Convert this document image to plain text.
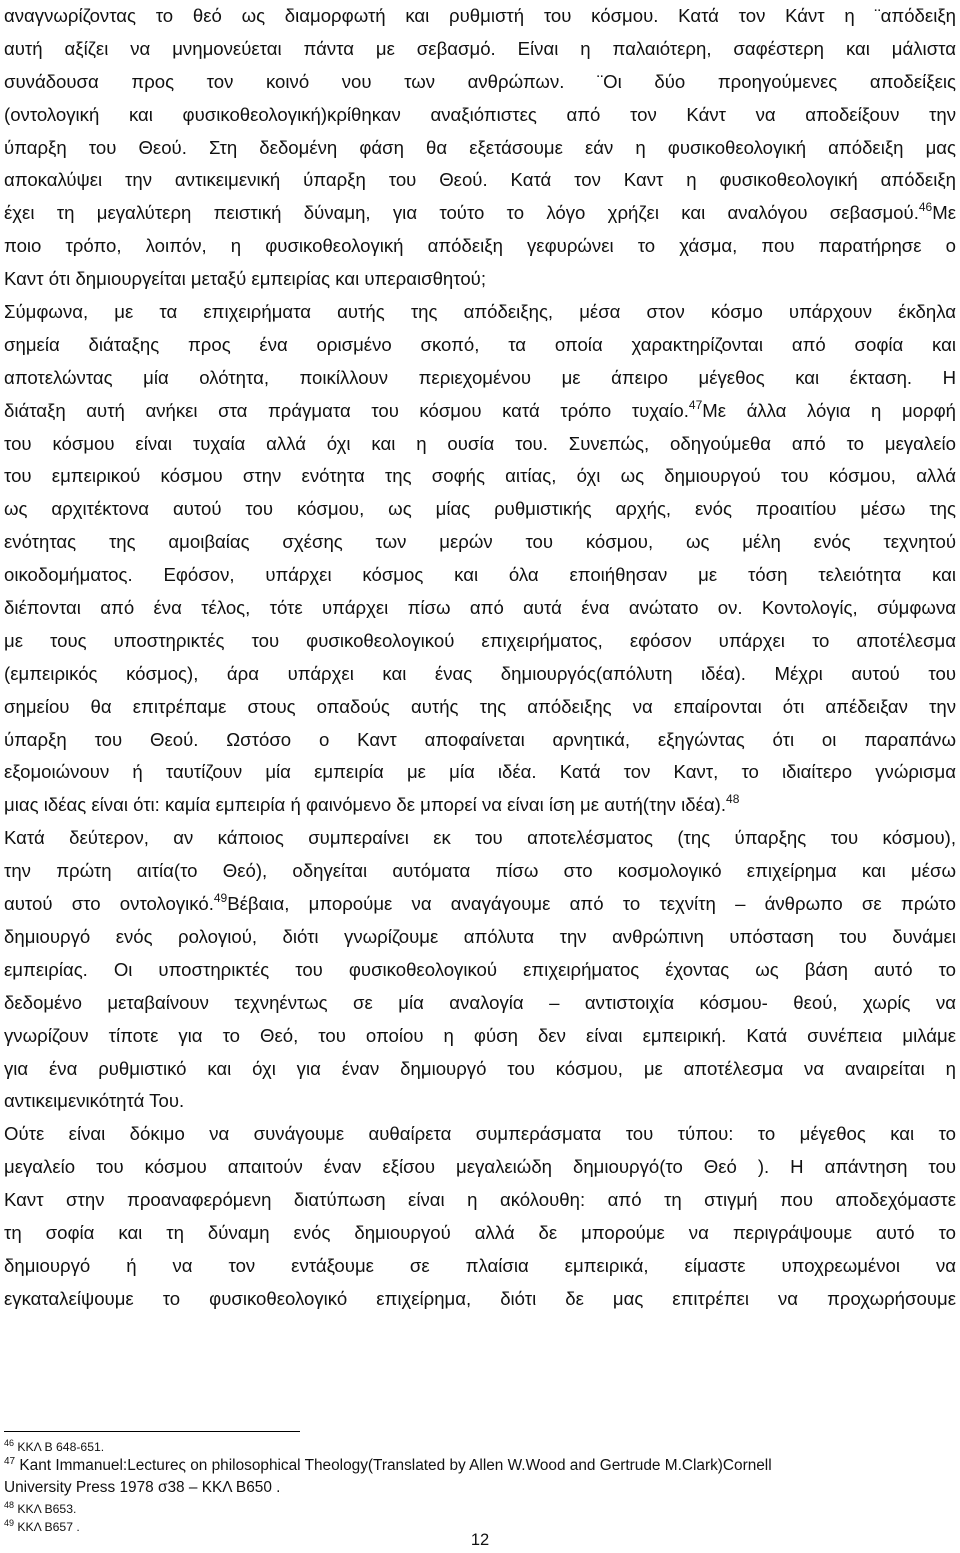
αναγνωρίζοντας το θεό ως διαμορφωτή και ρυθμιστή του κόσμου. Κατά τον Κάντ η ¨απόδειξη
αυτή αξίζει να μνημονεύεται πάντα με σεβασμό. Είναι η παλαιότερη, σαφέστερη και μάλιστα
συνάδουσα προς τον κοινό νου των ανθρώπων. ¨Οι δύο προηγούμενες αποδείξεις
(οντολογική και φυσικοθεολογική)κρίθηκαν αναξιόπιστες από τον Κάντ να αποδείξουν την
ύπαρξη του Θεού. Στη δεδομένη φάση θα εξετάσουμε εάν η φυσικοθεολογική απόδειξη μας
αποκαλύψει την αντικειμενική ύπαρξη του Θεού. Κατά τον Καντ η φυσικοθεολογική απόδειξη
έχει τη μεγαλύτερη πειστική δύναμη, για τούτο το λόγο χρήζει και αναλόγου σεβασμού.$^{46}$Με
ποιο τρόπο, λοιπόν, η φυσικοθεολογική απόδειξη γεφυρώνει το χάσμα, που παρατήρησε ο
Καντ ότι δημιουργείται μεταξύ εμπειρίας και υπεραισθητού;
Σύμφωνα, με τα επιχειρήματα αυτής της απόδειξης, μέσα στον κόσμο υπάρχουν έκδηλα
σημεία διάταξης προς ένα ορισμένο σκοπό, τα οποία χαρακτηρίζονται από σοφία και
αποτελώντας μία ολότητα, ποικίλλουν περιεχομένου με άπειρο μέγεθος και έκταση. Η
διάταξη αυτή ανήκει στα πράγματα του κόσμου κατά τρόπο τυχαίο.$^{47}$Με άλλα λόγια η μορφή
του κόσμου είναι τυχαία αλλά όχι και η ουσία του. Συνεπώς, οδηγούμεθα από το μεγαλείο
του εμπειρικού κόσμου στην ενότητα της σοφής αιτίας, όχι ως δημιουργού του κόσμου, αλλά
ως αρχιτέκτονα αυτού του κόσμου, ως μίας ρυθμιστικής αρχής, ενός προαιτίου μέσω της
ενότητας της αμοιβαίας σχέσης των μερών του κόσμου, ως μέλη ενός τεχνητού
οικοδομήματος. Εφόσον, υπάρχει κόσμος και όλα εποιήθησαν με τόση τελειότητα και
διέπονται από ένα τέλος, τότε υπάρχει πίσω από αυτά ένα ανώτατο ον. Κοντολογίς, σύμφωνα
με τους υποστηρικτές του φυσικοθεολογικού επιχειρήματος, εφόσον υπάρχει το αποτέλεσμα
(εμπειρικός κόσμος), άρα υπάρχει και ένας δημιουργός(απόλυτη ιδέα). Μέχρι αυτού του
σημείου θα επιτρέπαμε στους οπαδούς αυτής της απόδειξης να επαίρονται ότι απέδειξαν την
ύπαρξη του Θεού. Ωστόσο ο Καντ αποφαίνεται αρνητικά, εξηγώντας ότι οι παραπάνω
εξομοιώνουν ή ταυτίζουν μία εμπειρία με μία ιδέα. Κατά τον Καντ, το ιδιαίτερο γνώρισμα
μιας ιδέας είναι ότι: καμία εμπειρία ή φαινόμενο δε μπορεί να είναι ίση με αυτή(την ιδέα).$^{48}$
Κατά δεύτερον, αν κάποιος συμπεραίνει εκ του αποτελέσματος (της ύπαρξης του κόσμου),
την πρώτη αιτία(το Θεό), οδηγείται αυτόματα πίσω στο κοσμολογικό επιχείρημα και μέσω
αυτού στο οντολογικό.$^{49}$Βέβαια, μπορούμε να αναγάγουμε από το τεχνίτη – άνθρωπο σε πρώτο
δημιουργό ενός ρολογιού, διότι γνωρίζουμε απόλυτα την ανθρώπινη υπόσταση του δυνάμει
εμπειρίας. Οι υποστηρικτές του φυσικοθεολογικού επιχειρήματος έχοντας ως βάση αυτό το
δεδομένο μεταβαίνουν τεχνηέντως σε μία αναλογία – αντιστοιχία κόσμου- θεού, χωρίς να
γνωρίζουν τίποτε για το Θεό, του οποίου η φύση δεν είναι εμπειρική. Κατά συνέπεια μιλάμε
για ένα ρυθμιστικό και όχι για έναν δημιουργό του κόσμου, με αποτέλεσμα να αναιρείται η
αντικειμενικότητά Του.
Ούτε είναι δόκιμο να συνάγουμε αυθαίρετα συμπεράσματα του τύπου: το μέγεθος και το
μεγαλείο του κόσμου απαιτούν έναν εξίσου μεγαλειώδη δημιουργό(το Θεό ). Η απάντηση του
Καντ στην προαναφερόμενη διατύπωση είναι η ακόλουθη: από τη στιγμή που αποδεχόμαστε
τη σοφία και τη δύναμη ενός δημιουργού αλλά δε μπορούμε να περιγράψουμε αυτό το
δημιουργό ή να τον εντάξουμε σε πλαίσια εμπειρικά, είμαστε υποχρεωμένοι να
εγκαταλείψουμε το φυσικοθεολογικό επιχείρημα, διότι δε μας επιτρέπει να προχωρήσουμε
$^{46}$ ΚΚΛ Β 648-651.
$^{47}$ Kant Immanuel:Lectureς on philosophical Theology(Translated by Allen W.Wood and Gertrude M.Clark)Cornell
University Press 1978 σ38 – ΚΚΛ Β650 .
$^{48}$ ΚΚΛ Β653.
$^{49}$ ΚΚΛ Β657 .
12
